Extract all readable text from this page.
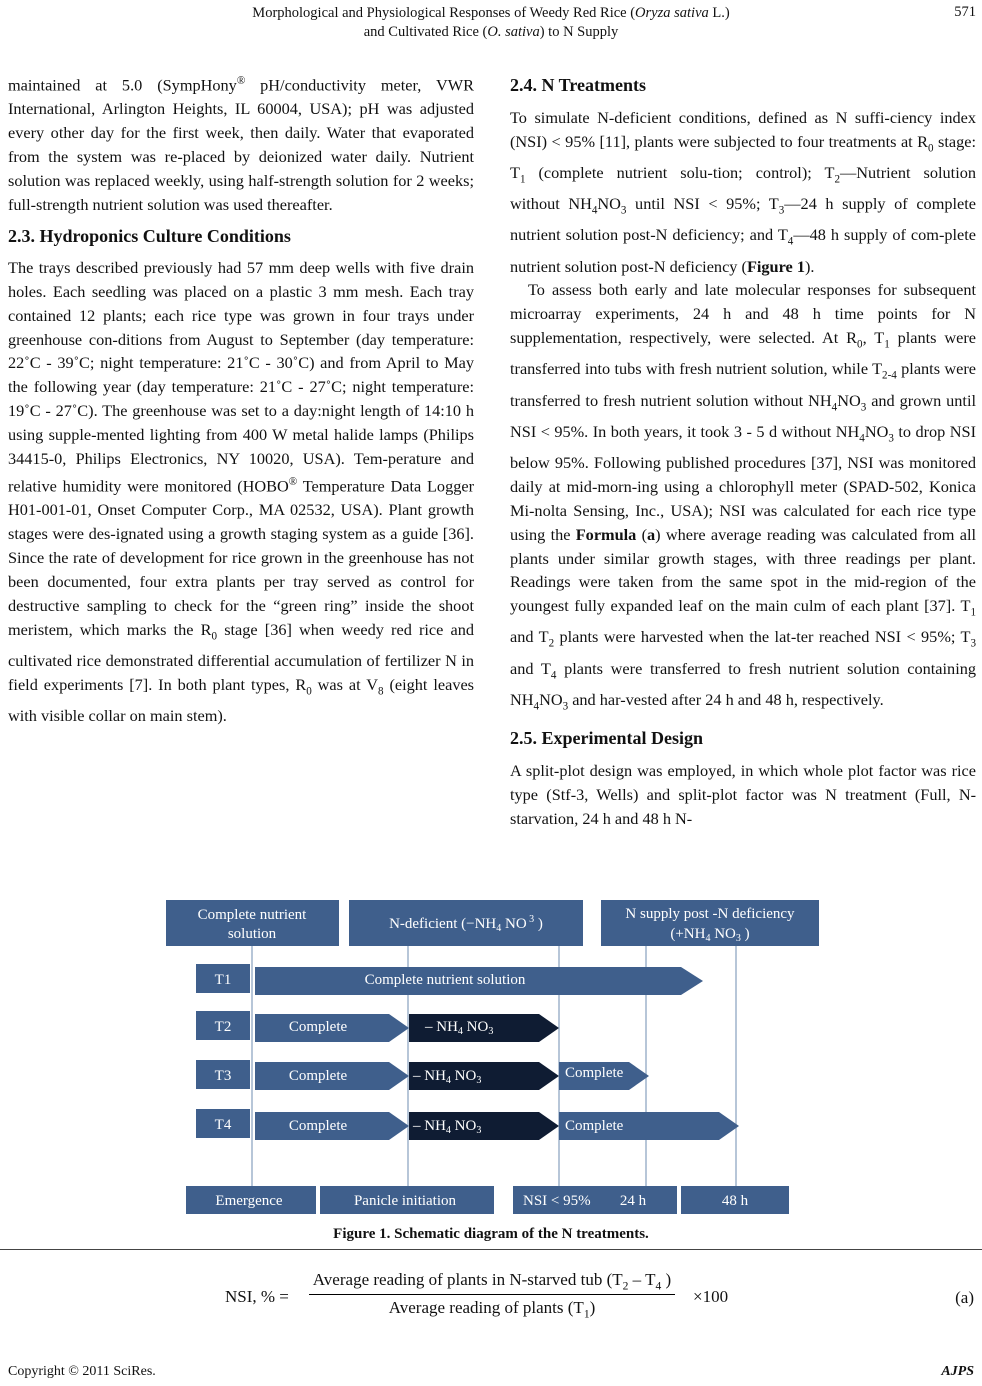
Morphological and Physiological Responses of Weedy Red Rice (Oryza sativa L.)
and Cultivated Rice (O. sativa) to N Supply
571

maintained at 5.0 (SympHony® pH/conductivity meter, VWR International, Arlington Heights, IL 60004, USA); pH was adjusted every other day for the first week, then daily. Water that evaporated from the system was re-placed by deionized water daily. Nutrient solution was replaced weekly, using half-strength solution for 2 weeks; full-strength nutrient solution was used thereafter.

2.3. Hydroponics Culture Conditions

The trays described previously had 57 mm deep wells with five drain holes. Each seedling was placed on a plastic 3 mm mesh. Each tray contained 12 plants; each rice type was grown in four trays under greenhouse con-ditions from August to September (day temperature: 22˚C - 39˚C; night temperature: 21˚C - 30˚C) and from April to May the following year (day temperature: 21˚C - 27˚C; night temperature: 19˚C - 27˚C). The greenhouse was set to a day:night length of 14:10 h using supple-mented lighting from 400 W metal halide lamps (Philips 34415-0, Philips Electronics, NY 10020, USA). Tem-perature and relative humidity were monitored (HOBO® Temperature Data Logger H01-001-01, Onset Computer Corp., MA 02532, USA). Plant growth stages were des-ignated using a growth staging system as a guide [36]. Since the rate of development for rice grown in the greenhouse has not been documented, four extra plants per tray served as control for destructive sampling to check for the “green ring” inside the shoot meristem, which marks the $R_0$ stage [36] when weedy red rice and cultivated rice demonstrated differential accumulation of fertilizer N in field experiments [7]. In both plant types, $R_0$ was at $V_8$ (eight leaves with visible collar on main stem).

2.4. N Treatments

To simulate N-deficient conditions, defined as N suffi-ciency index (NSI) < 95% [11], plants were subjected to four treatments at $R_0$ stage: $T_1$ (complete nutrient solu-tion; control); $T_2―Nutrient$ solution without $NH_4NO_3$ until NSI < 95%; $T_3―24$ h supply of complete nutrient solution post-N deficiency; and $T_4―48$ h supply of com-plete nutrient solution post-N deficiency (Figure 1).

To assess both early and late molecular responses for subsequent microarray experiments, 24 h and 48 h time points for N supplementation, respectively, were selected. At $R_0$, $T_1$ plants were transferred into tubs with fresh nutrient solution, while $T_{2-4}$ plants were transferred to fresh nutrient solution without $NH_4NO_3$ and grown until NSI < 95%. In both years, it took 3 - 5 d without $NH_4NO_3$ to drop NSI below 95%. Following published procedures [37], NSI was monitored daily at mid-morn-ing using a chlorophyll meter (SPAD-502, Konica Mi-nolta Sensing, Inc., USA); NSI was calculated for each rice type using the Formula (a) where average reading was calculated from all plants under similar growth stages, with three readings per plant. Readings were taken from the same spot in the mid-region of the youngest fully expanded leaf on the main culm of each plant [37]. $T_1$ and $T_2$ plants were harvested when the lat-ter reached NSI < 95%; $T_3$ and $T_4$ plants were transferred to fresh nutrient solution containing $NH_4NO_3$ and har-vested after 24 h and 48 h, respectively.

2.5. Experimental Design

A split-plot design was employed, in which whole plot factor was rice type (Stf-3, Wells) and split-plot factor was N treatment (Full, N-starvation, 24 h and 48 h N-

Complete nutrient
solution
N-deficient ($-NH_4$ NO $^3$ )
N supply post -N deficiency
($+NH_4$ $NO_3$ )
T1
T2
T3
T4
Complete nutrient solution
Complete	– $NH_4$ $NO_3$
Complete	– $NH_4$ $NO_3$	Complete
Complete	– $NH_4$ $NO_3$	Complete
Emergence	Panicle initiation	NSI < 95% 24 h	48 h
Figure 1. Schematic diagram of the N treatments.
NSI, % =
Average reading of plants in N-starved tub ($T_2 - T_4$ )
Average reading of plants $(T_1)$
×100	(a)
Copyright © 2011 SciRes.	AJPS
